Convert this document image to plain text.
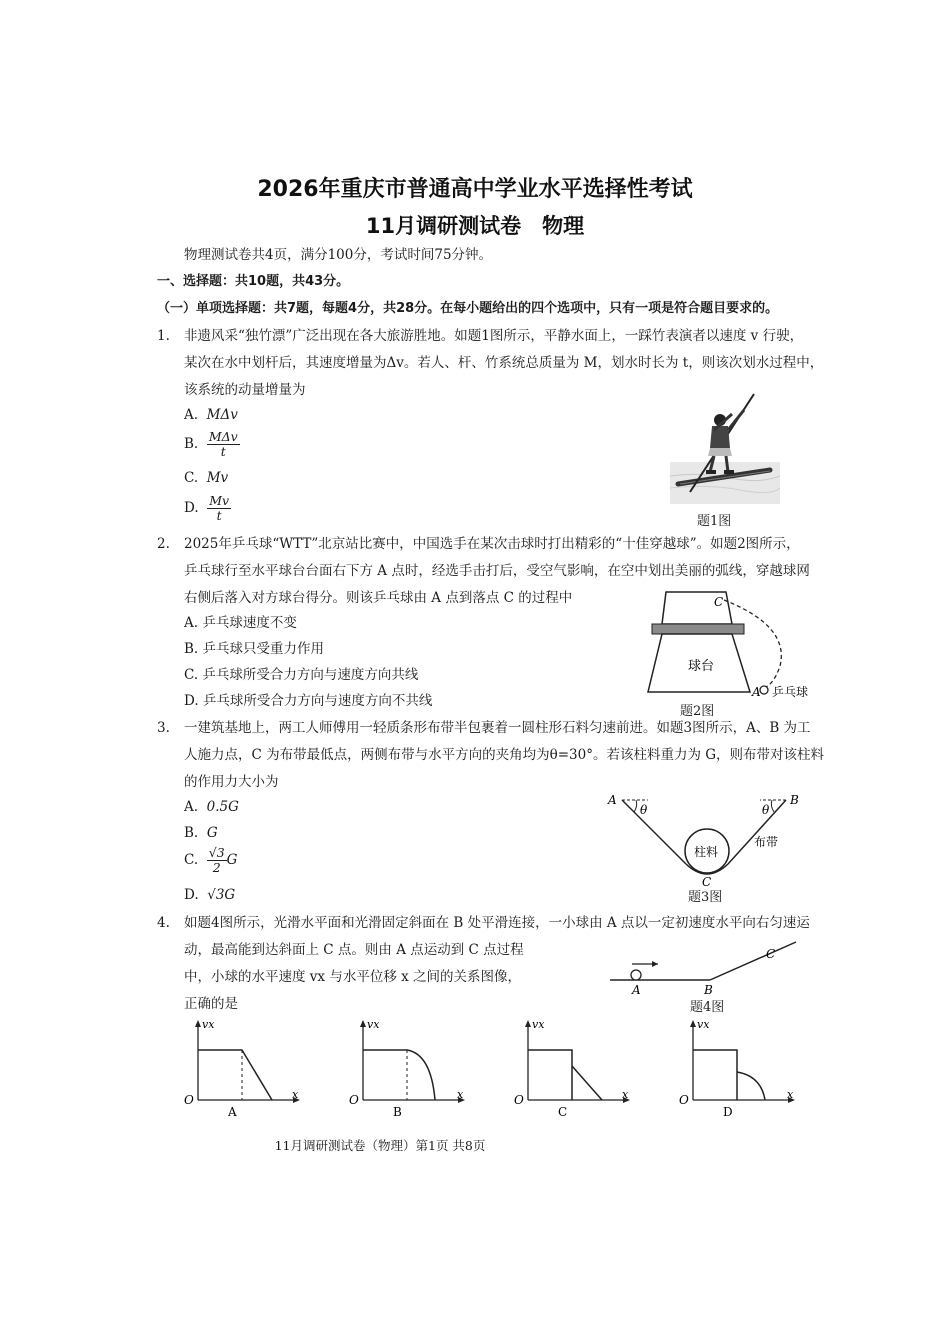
2026年重庆市普通高中学业水平选择性考试
11月调研测试卷　物理
物理测试卷共4页，满分100分，考试时间75分钟。
一、选择题：共10题，共43分。
（一）单项选择题：共7题，每题4分，共28分。在每小题给出的四个选项中，只有一项是符合题目要求的。
1. 非遗风采“独竹漂”广泛出现在各大旅游胜地。如题1图所示，平静水面上，一踩竹表演者以速度 v 行驶，
某次在水中划杆后，其速度增量为Δv。若人、杆、竹系统总质量为 M，划水时长为 t，则该次划水过程中，
该系统的动量增量为
A. MΔv
B. $\frac{\text{MΔv}}{t}$
C. Mv
D. $\frac{Mv}{t}$	题1图
2. 2025年乒乓球“WTT”北京站比赛中，中国选手在某次击球时打出精彩的“十佳穿越球”。如题2图所示，
乒乓球行至水平球台台面右下方 A 点时，经选手击打后，受空气影响，在空中划出美丽的弧线，穿越球网
右侧后落入对方球台得分。则该乒乓球由 A 点到落点 C 的过程中
A. 乒乓球速度不变
B. 乒乓球只受重力作用
C. 乒乓球所受合力方向与速度方向共线
D. 乒乓球所受合力方向与速度方向不共线
球台
C
A 乒乓球
题2图
3. 一建筑基地上，两工人师傅用一轻质条形布带半包裹着一圆柱形石料匀速前进。如题3图所示，A、B 为工
人施力点，C 为布带最低点，两侧布带与水平方向的夹角均为θ=30°。若该柱料重力为 G，则布带对该柱料
的作用力大小为
A. 0.5G
B. G
C. $\frac{√3}{2}$ G
D. √3G
A	B
θ	θ
柱料
布带
C
题3图
4. 如题4图所示，光滑水平面和光滑固定斜面在 B 处平滑连接，一小球由 A 点以一定初速度水平向右匀速运
动，最高能到达斜面上 C 点。则由 A 点运动到 C 点过程
中，小球的水平速度 vx 与水平位移 x 之间的关系图像，
正确的是
A	B
C
题4图
vx
x
O
A
vx
x
O
B
vx
x
O
C
vx
x
O
D
11月调研测试卷（物理）第1页 共8页
